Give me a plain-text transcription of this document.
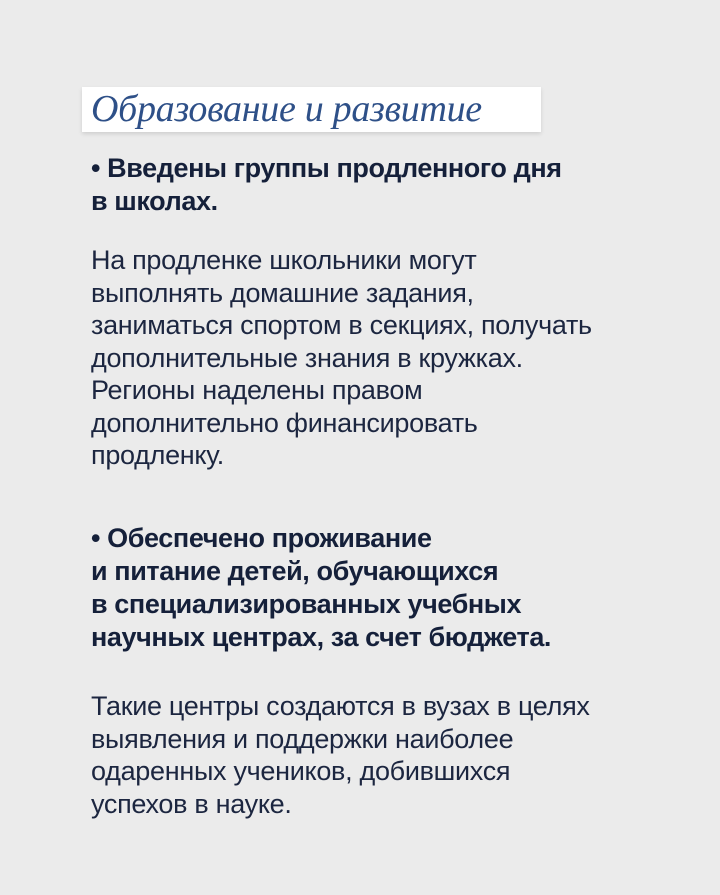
Образование и развитие
• Введены группы продленного дня
в школах.
На продленке школьники могут
выполнять домашние задания,
заниматься спортом в секциях, получать
дополнительные знания в кружках.
Регионы наделены правом
дополнительно финансировать
продленку.
• Обеспечено проживание
и питание детей, обучающихся
в специализированных учебных
научных центрах, за счет бюджета.
Такие центры создаются в вузах в целях
выявления и поддержки наиболее
одаренных учеников, добившихся
успехов в науке.
